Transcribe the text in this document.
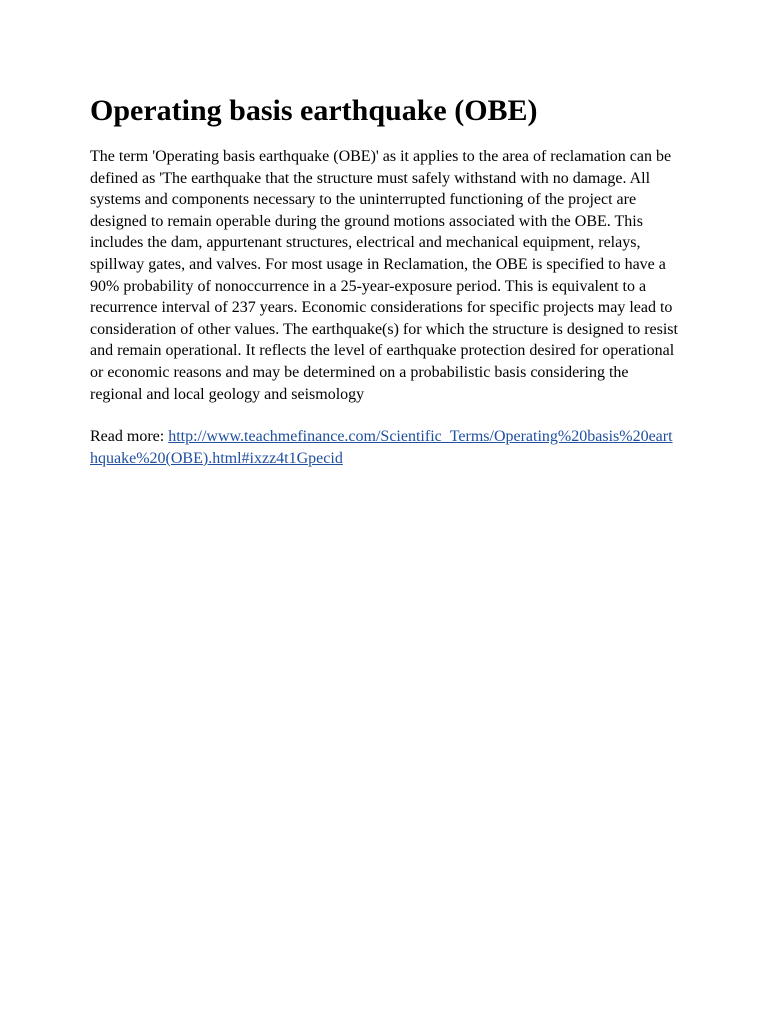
Operating basis earthquake (OBE)

The term 'Operating basis earthquake (OBE)' as it applies to the area of reclamation can be defined as 'The earthquake that the structure must safely withstand with no damage. All systems and components necessary to the uninterrupted functioning of the project are designed to remain operable during the ground motions associated with the OBE. This includes the dam, appurtenant structures, electrical and mechanical equipment, relays, spillway gates, and valves. For most usage in Reclamation, the OBE is specified to have a 90% probability of nonoccurrence in a 25-year-exposure period. This is equivalent to a recurrence interval of 237 years. Economic considerations for specific projects may lead to consideration of other values. The earthquake(s) for which the structure is designed to resist and remain operational. It reflects the level of earthquake protection desired for operational or economic reasons and may be determined on a probabilistic basis considering the regional and local geology and seismology

Read more: http://www.teachmefinance.com/Scientific_Terms/Operating%20basis%20earthquake%20(OBE).html#ixzz4t1Gpecid
